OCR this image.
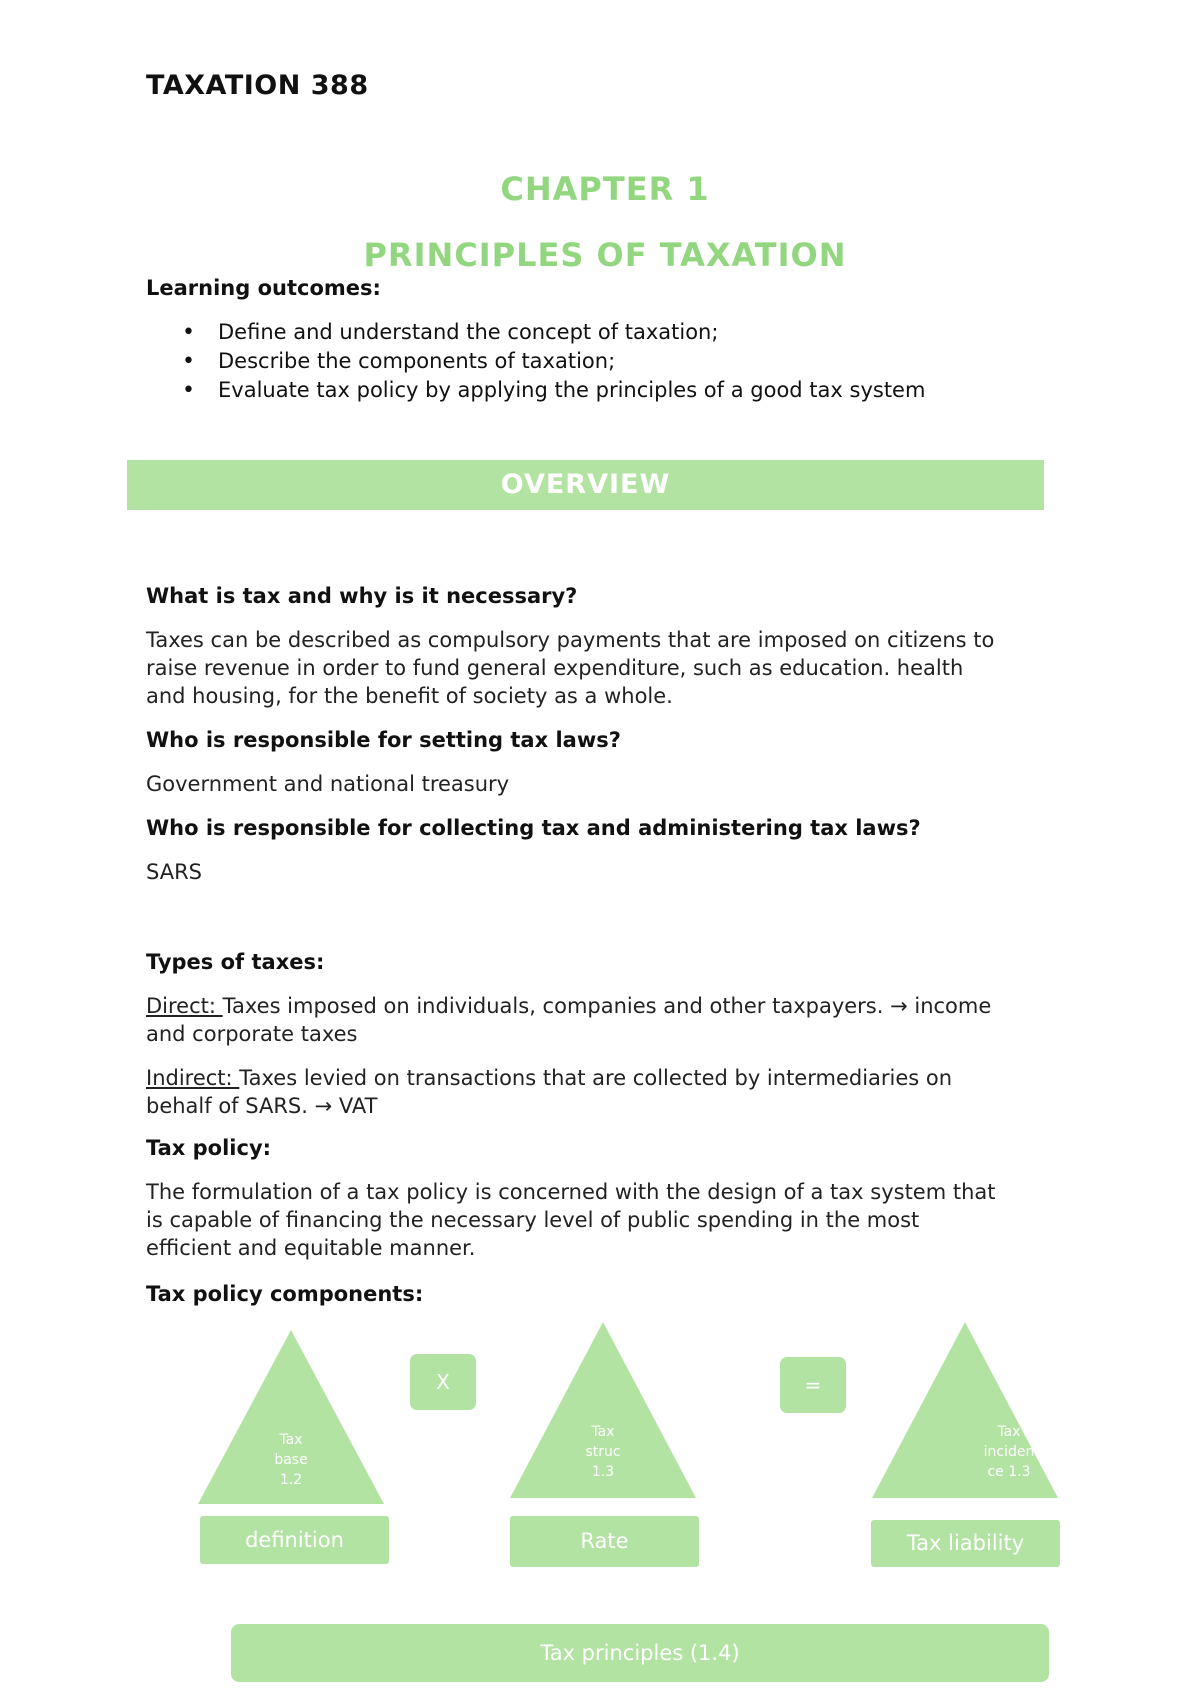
TAXATION 388
CHAPTER 1
PRINCIPLES OF TAXATION
Learning outcomes:
• Define and understand the concept of taxation;
• Describe the components of taxation;
• Evaluate tax policy by applying the principles of a good tax system
OVERVIEW
What is tax and why is it necessary?
Taxes can be described as compulsory payments that are imposed on citizens to
raise revenue in order to fund general expenditure, such as education. health
and housing, for the benefit of society as a whole.
Who is responsible for setting tax laws?
Government and national treasury
Who is responsible for collecting tax and administering tax laws?
SARS
Types of taxes:
Direct: Taxes imposed on individuals, companies and other taxpayers. → income
and corporate taxes
Indirect: Taxes levied on transactions that are collected by intermediaries on
behalf of SARS. → VAT
Tax policy:
The formulation of a tax policy is concerned with the design of a tax system that
is capable of financing the necessary level of public spending in the most
efficient and equitable manner.
Tax policy components:
Tax
base
1.2
Tax
struc
1.3
Tax
inciden
ce 1.3
X	=
definition	Rate	Tax liability
Tax principles (1.4)
